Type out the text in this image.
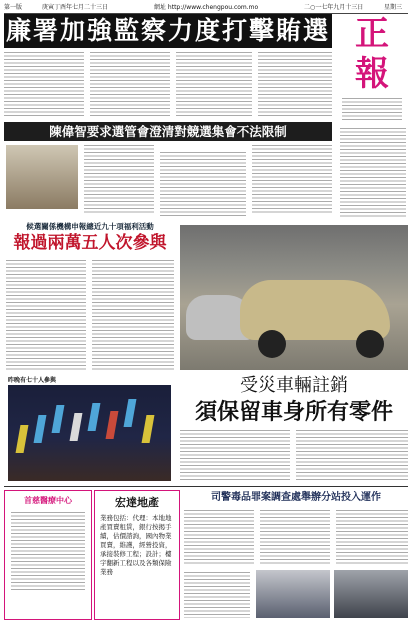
第一版	庚寅丁酉年七月二十三日	網址 http://www.chengpou.com.mo	二○一七年九月十三日	星期三
廉署加強監察力度打擊賄選 正
報
陳偉智要求選管會澄清對競選集會不法限制
候選關係機構申報總近九十項福利活動
報過兩萬五人次參與
昨晚有七十人參與	受災車輛註銷
須保留車身所有零件
首慈醫療中心	宏達地產
業務包括：代理：本地地產買賣租賃，銀行按揭手續，估價諮詢，國內物業買賣，維護，經營投資，承接裝修工程；設計；樓宇翻新工程以及各類保險業務
司警毒品罪案調查處舉辦分站投入運作
